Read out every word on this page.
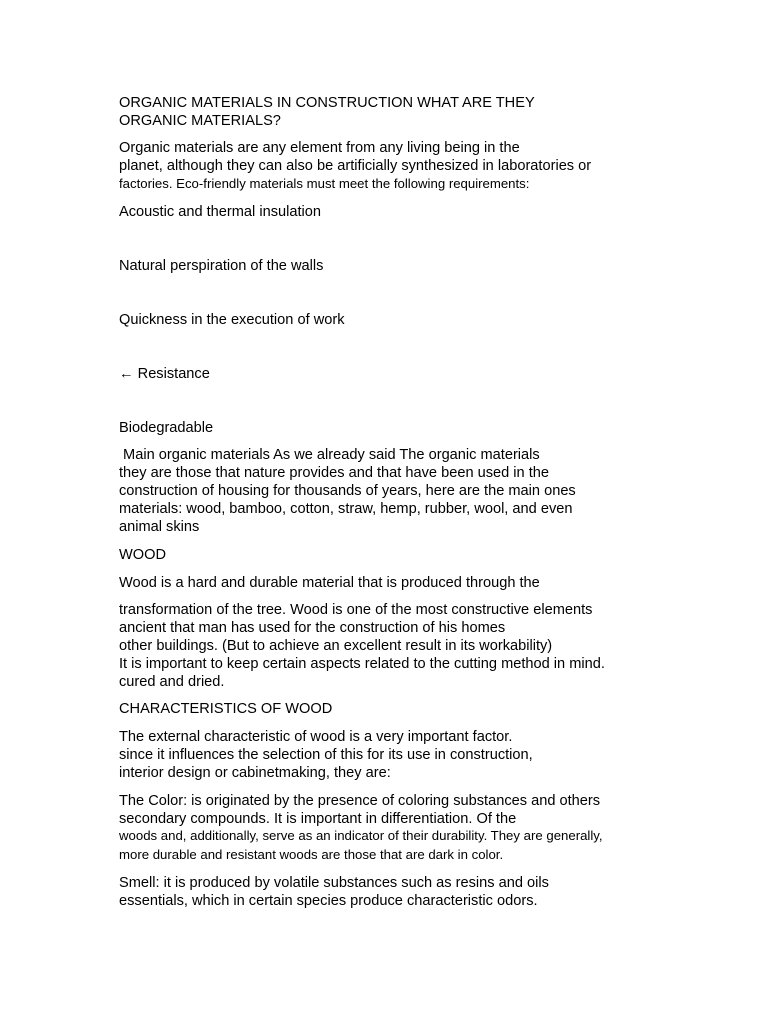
ORGANIC MATERIALS IN CONSTRUCTION WHAT ARE THEY

ORGANIC MATERIALS?

Organic materials are any element from any living being in the

planet, although they can also be artificially synthesized in laboratories or

factories. Eco-friendly materials must meet the following requirements:

Acoustic and thermal insulation

Natural perspiration of the walls

Quickness in the execution of work

← Resistance

Biodegradable

Main organic materials As we already said The organic materials

they are those that nature provides and that have been used in the

construction of housing for thousands of years, here are the main ones

materials: wood, bamboo, cotton, straw, hemp, rubber, wool, and even

animal skins

WOOD

Wood is a hard and durable material that is produced through the

transformation of the tree. Wood is one of the most constructive elements

ancient that man has used for the construction of his homes

other buildings. (But to achieve an excellent result in its workability)

It is important to keep certain aspects related to the cutting method in mind.

cured and dried.

CHARACTERISTICS OF WOOD

The external characteristic of wood is a very important factor.

since it influences the selection of this for its use in construction,

interior design or cabinetmaking, they are:

The Color: is originated by the presence of coloring substances and others

secondary compounds. It is important in differentiation. Of the

woods and, additionally, serve as an indicator of their durability. They are generally,

more durable and resistant woods are those that are dark in color.

Smell: it is produced by volatile substances such as resins and oils

essentials, which in certain species produce characteristic odors.
